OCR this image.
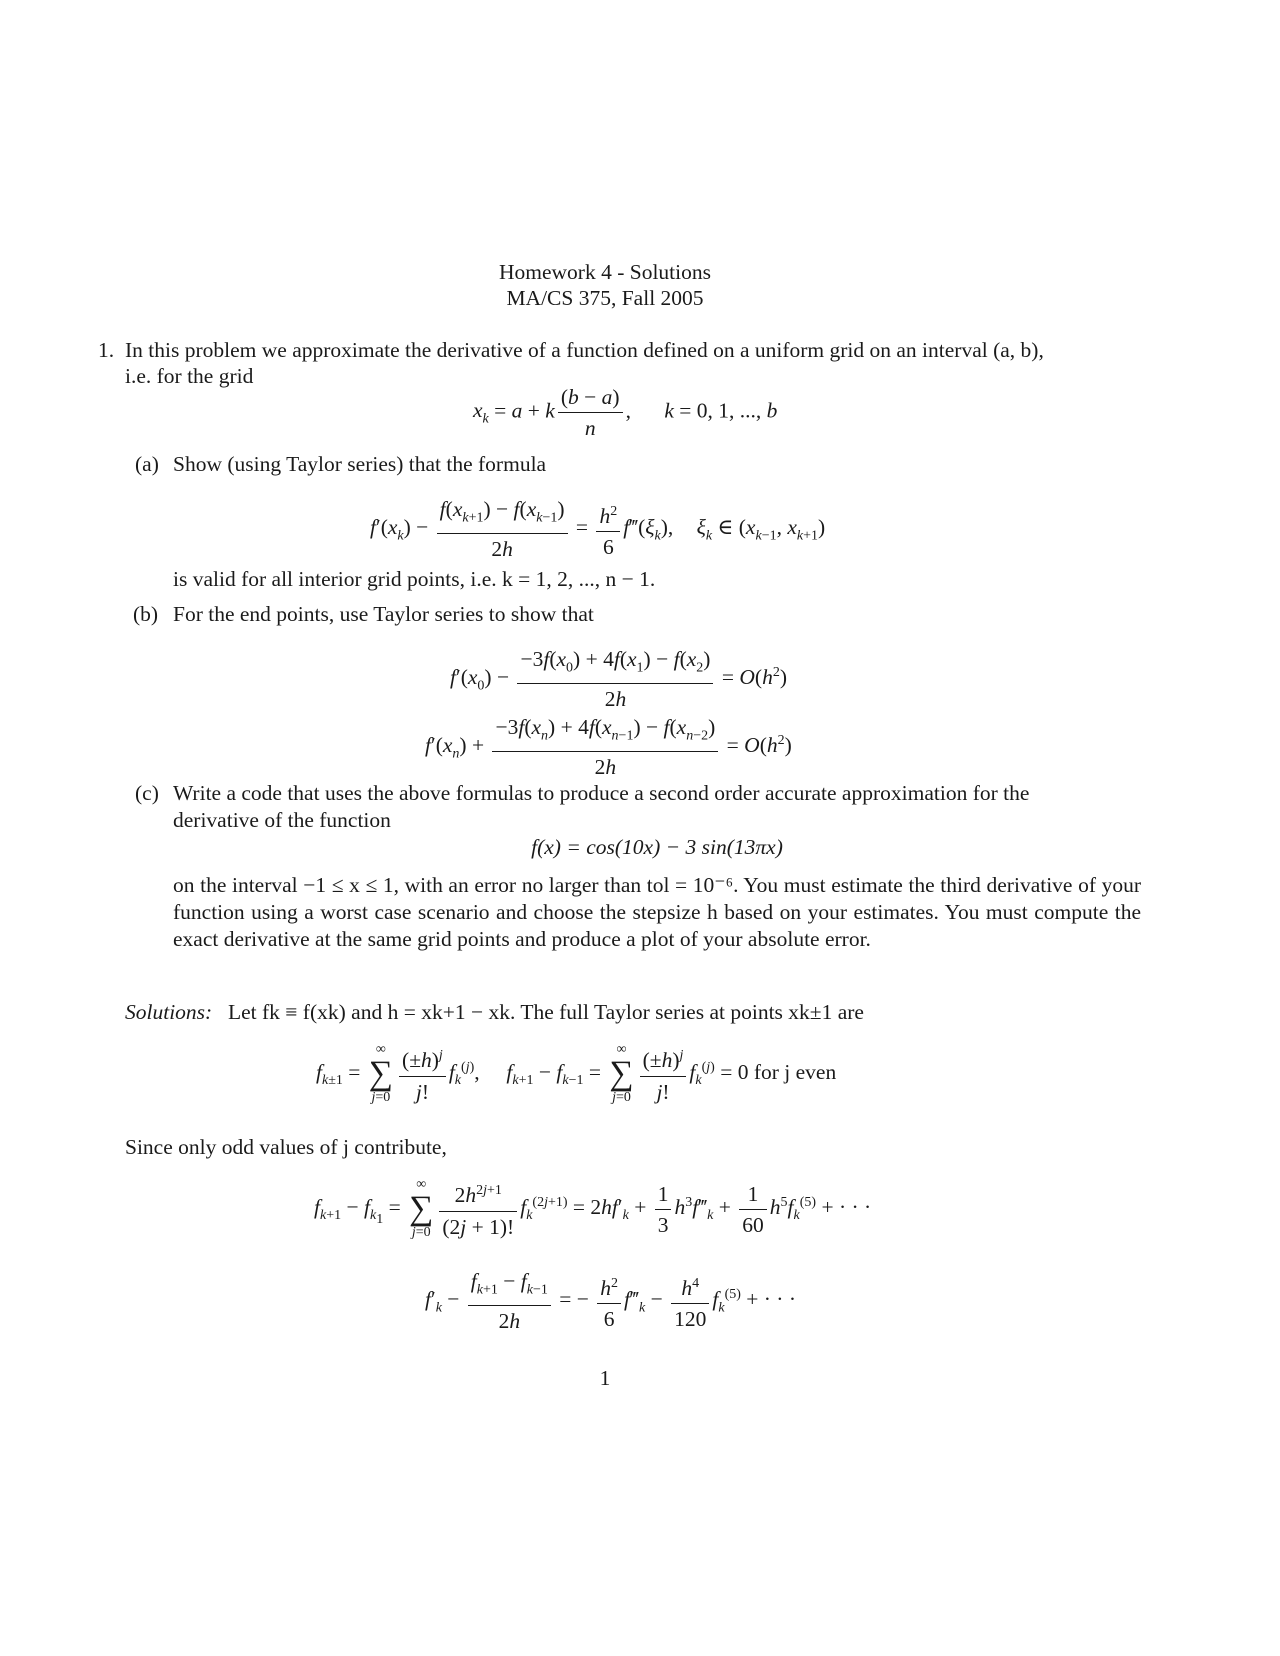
Homework 4 - Solutions
MA/CS 375, Fall 2005
1. In this problem we approximate the derivative of a function defined on a uniform grid on an interval (a, b),
i.e. for the grid
$x_k = a + k \frac{(b - a)}{n}$ , k = 0, 1, ..., b
(a) Show (using Taylor series) that the formula
$f'(x_k) - \frac{f(x_{k+1}) - f(x_{k-1})}{2h} = \frac{h^2}{6}$ $f‴(\xi_k)$, $\xi_k$ ∈ ($x_{k-1}$, $x_{k+1}$)
is valid for all interior grid points, i.e. k = 1, 2, ..., n − 1.
(b) For the end points, use Taylor series to show that
$f'(x_0) - \frac{-3f(x_0) + 4f(x_1) - f(x_2)}{2h} = O(h^2)$
$f'(x_n) + \frac{-3f(x_n) + 4f(x_{n-1}) - f(x_{n-2})}{2h} = O(h^2)$
(c) Write a code that uses the above formulas to produce a second order accurate approximation for the
derivative of the function
f(x) = cos(10x) − 3 sin(13πx)
on the interval −1 ≤ x ≤ 1, with an error no larger than tol = 10⁻⁶. You must estimate the third derivative of your function using a worst case scenario and choose the stepsize h based on your estimates. You must compute the exact derivative at the same grid points and produce a plot of your absolute error.
Solutions: Let fk ≡ f(xk) and h = xk+1 − xk. The full Taylor series at points xk±1 are
$f_{k\pm 1}$ =
∞
∑
$j=0 \frac{(\pm h)^j}{j!} f_k^{(j)}$,  $f_{k+1} - f_{k-1}$ =
∞
∑
$j=0 \frac{(\pm h)^j}{j!} f_k^{(j)} = 0$ for j even
Since only odd values of j contribute,
$f_{k+1} - f_{k_1}$ =
∞
∑
$j=0 \frac{2h^{2j+1}}{(2j + 1)!} f_k^{(2j+1)} = 2hf'_k + \frac{1}{3}$ $h^3f‴_k + \frac{1}{60} h^5f_k^{(5)}$ + · · ·
$f'_k - \frac{f_{k+1} - f_{k-1}}{2h}$ = − $\frac{h^2}{6}$ $f‴_k - \frac{h^4}{120} f_k^{(5)}$ + · · ·
1
